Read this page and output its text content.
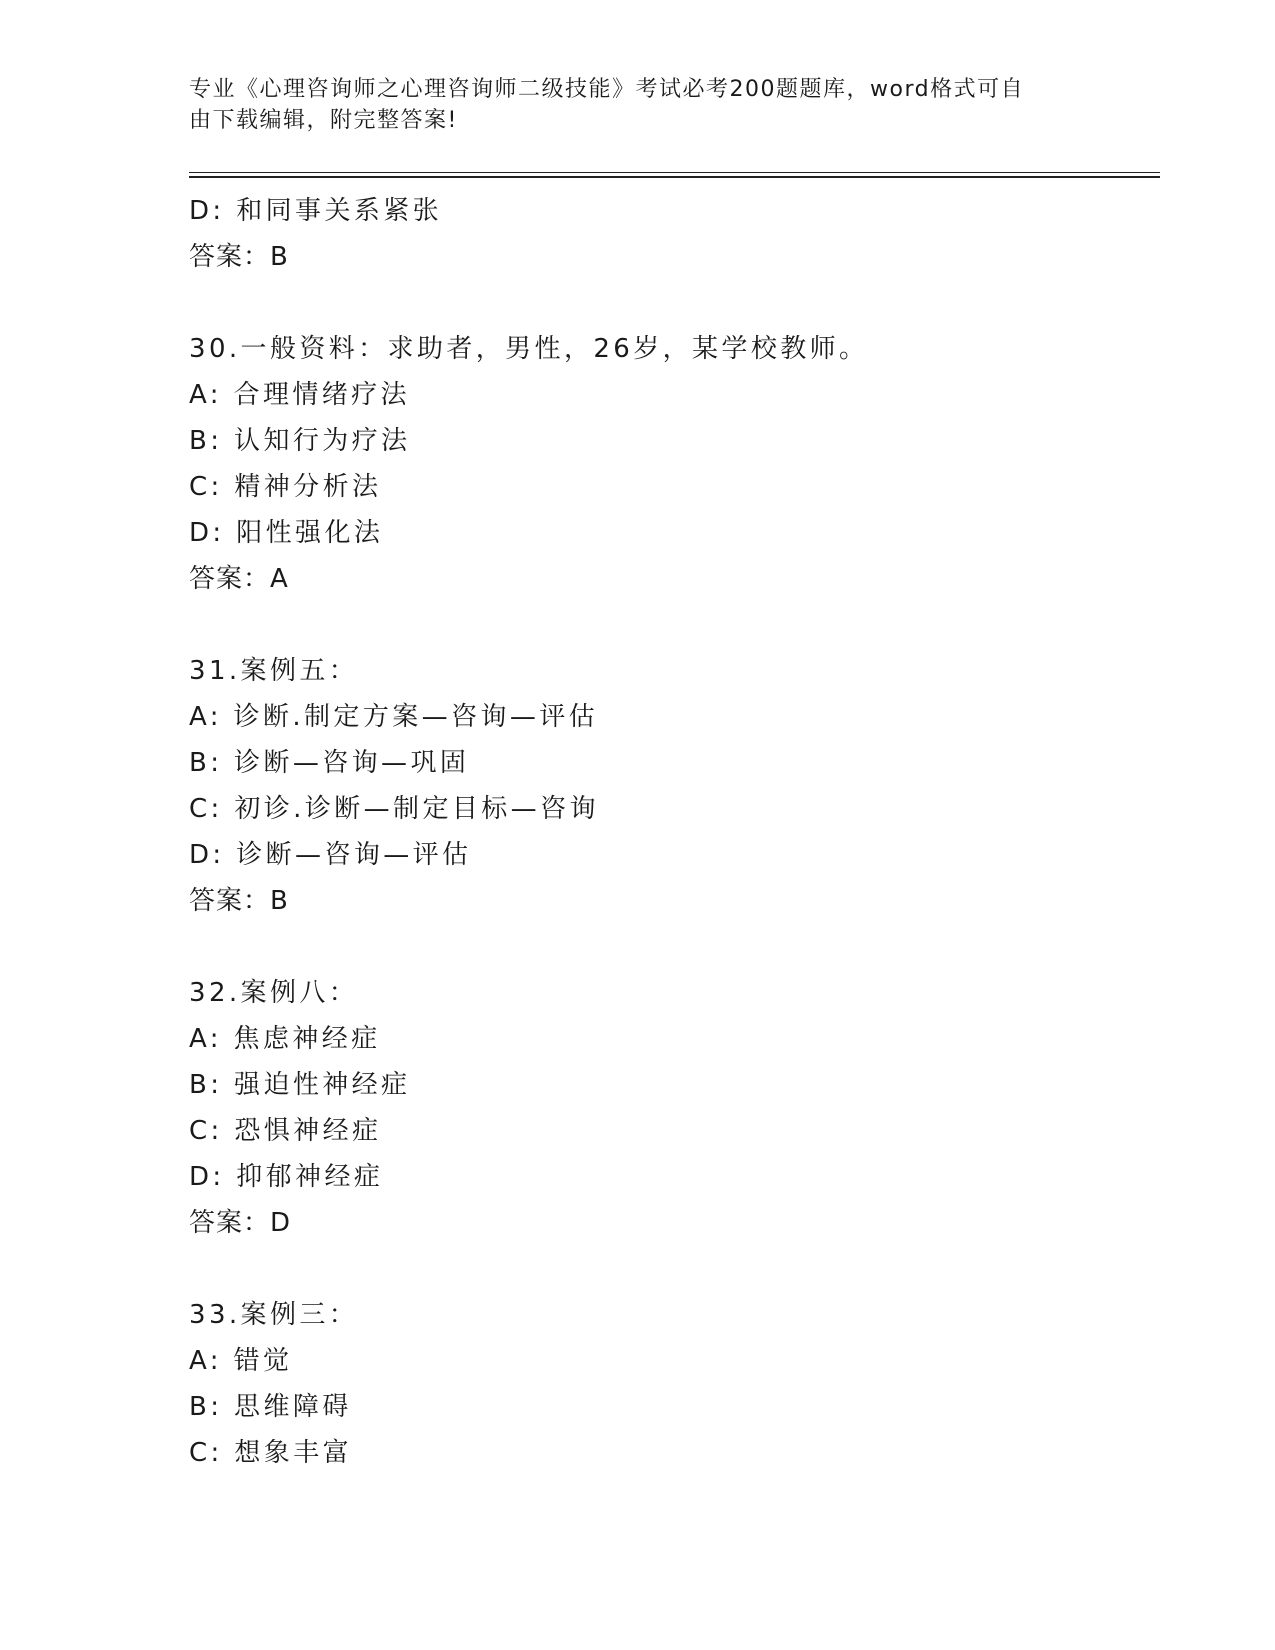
专业《心理咨询师之心理咨询师二级技能》考试必考200题题库，word格式可自
由下载编辑，附完整答案!
D: 和同事关系紧张
答案：B
30.一般资料：求助者，男性，26岁，某学校教师。
A: 合理情绪疗法
B: 认知行为疗法
C: 精神分析法
D: 阳性强化法
答案：A
31.案例五：
A: 诊断.制定方案—咨询—评估
B: 诊断—咨询—巩固
C: 初诊.诊断—制定目标—咨询
D: 诊断—咨询—评估
答案：B
32.案例八：
A: 焦虑神经症
B: 强迫性神经症
C: 恐惧神经症
D: 抑郁神经症
答案：D
33.案例三：
A: 错觉
B: 思维障碍
C: 想象丰富
